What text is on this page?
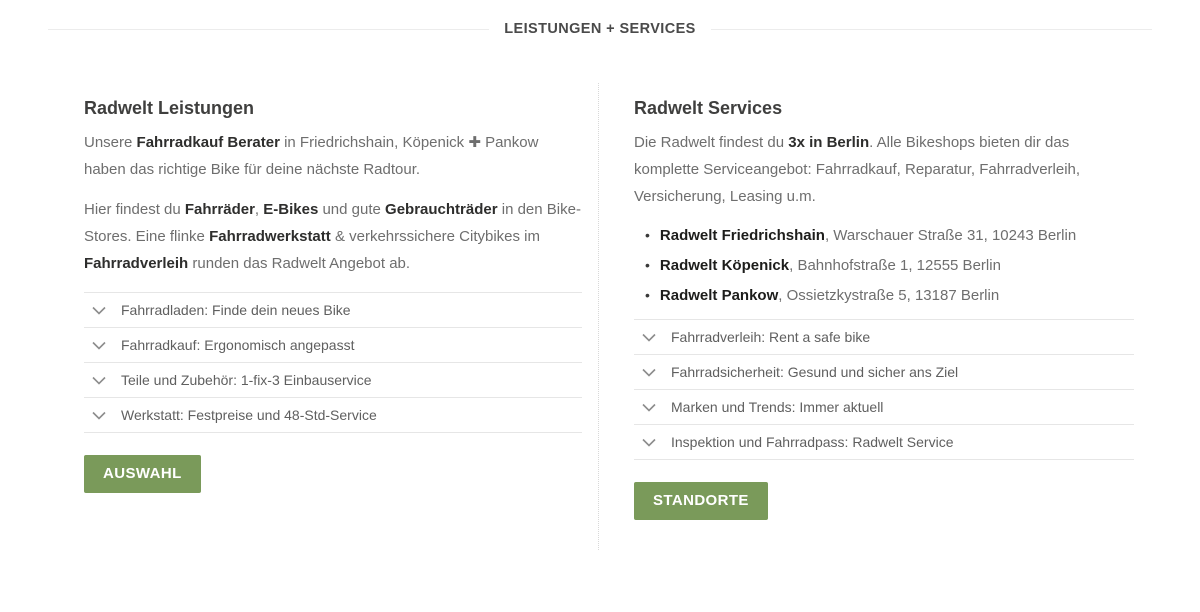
LEISTUNGEN + SERVICES
Radwelt Leistungen

Unsere Fahrradkauf Berater in Friedrichshain, Köpenick ✚ Pankow haben das richtige Bike für deine nächste Radtour.

Hier findest du Fahrräder, E-Bikes und gute Gebrauchträder in den Bike-Stores. Eine flinke Fahrradwerkstatt & verkehrssichere Citybikes im Fahrradverleih runden das Radwelt Angebot ab.

Fahrradladen: Finde dein neues Bike
Fahrradkauf: Ergonomisch angepasst
Teile und Zubehör: 1-fix-3 Einbauservice
Werkstatt: Festpreise und 48-Std-Service
AUSWAHL
Radwelt Services

Die Radwelt findest du 3x in Berlin. Alle Bikeshops bieten dir das komplette Serviceangebot: Fahrradkauf, Reparatur, Fahrradverleih, Versicherung, Leasing u.m.

• Radwelt Friedrichshain, Warschauer Straße 31, 10243 Berlin
• Radwelt Köpenick, Bahnhofstraße 1, 12555 Berlin
• Radwelt Pankow, Ossietzkystraße 5, 13187 Berlin
Fahrradverleih: Rent a safe bike
Fahrradsicherheit: Gesund und sicher ans Ziel
Marken und Trends: Immer aktuell
Inspektion und Fahrradpass: Radwelt Service
STANDORTE
